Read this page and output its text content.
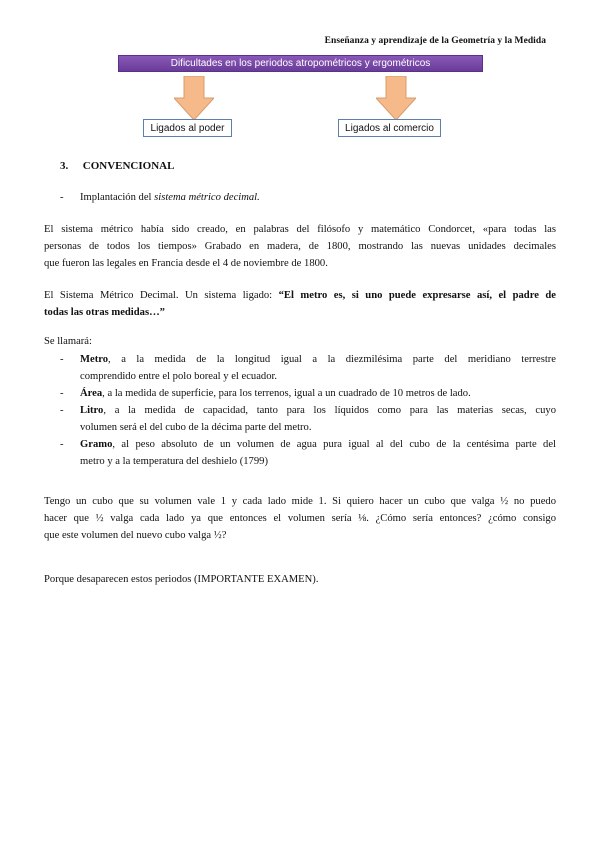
Enseñanza y aprendizaje de la Geometría y la Medida
Dificultades en los periodos atropométricos y ergométricos
Ligados al poder	Ligados al comercio
3. CONVENCIONAL
- Implantación del sistema métrico decimal.
El sistema métrico había sido creado, en palabras del filósofo y matemático Condorcet, «para todas las
personas de todos los tiempos» Grabado en madera, de 1800, mostrando las nuevas unidades decimales
que fueron las legales en Francia desde el 4 de noviembre de 1800.
El Sistema Métrico Decimal. Un sistema ligado: “El metro es, si uno puede expresarse así, el padre de
todas las otras medidas…”
Se llamará:
- Metro, a la medida de la longitud igual a la diezmilésima parte del meridiano terrestre
comprendido entre el polo boreal y el ecuador.
- Área, a la medida de superficie, para los terrenos, igual a un cuadrado de 10 metros de lado.
- Litro, a la medida de capacidad, tanto para los líquidos como para las materias secas, cuyo
volumen será el del cubo de la décima parte del metro.
- Gramo, al peso absoluto de un volumen de agua pura igual al del cubo de la centésima parte del
metro y a la temperatura del deshielo (1799)
Tengo un cubo que su volumen vale 1 y cada lado mide 1. Si quiero hacer un cubo que valga ½ no puedo
hacer que ½ valga cada lado ya que entonces el volumen sería ⅛. ¿Cómo sería entonces? ¿cómo consigo
que este volumen del nuevo cubo valga ½?
Porque desaparecen estos periodos (IMPORTANTE EXAMEN).
